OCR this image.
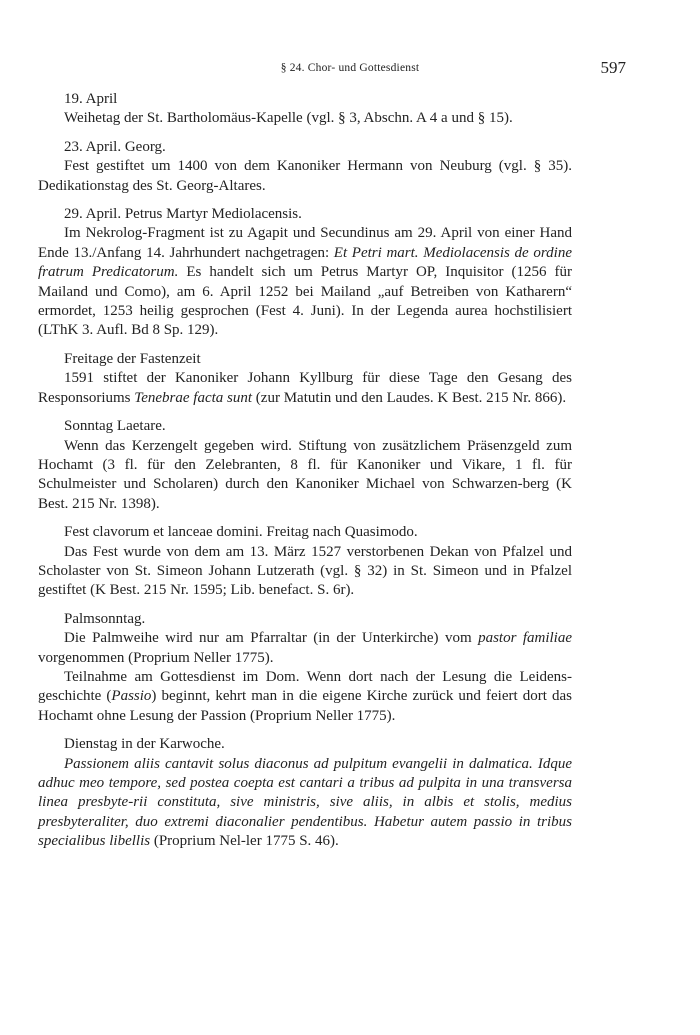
§ 24. Chor- und Gottesdienst	597

19. April

Weihetag der St. Bartholomäus-Kapelle (vgl. § 3, Abschn. A 4 a und § 15).

23. April. Georg.

Fest gestiftet um 1400 von dem Kanoniker Hermann von Neuburg (vgl. § 35). Dedikationstag des St. Georg-Altares.

29. April. Petrus Martyr Mediolacensis.

Im Nekrolog-Fragment ist zu Agapit und Secundinus am 29. April von einer Hand Ende 13./Anfang 14. Jahrhundert nachgetragen: Et Petri mart. Mediolacensis de ordine fratrum Predicatorum. Es handelt sich um Petrus Martyr OP, Inquisitor (1256 für Mailand und Como), am 6. April 1252 bei Mailand „auf Betreiben von Katharern“ ermordet, 1253 heilig gesprochen (Fest 4. Juni). In der Legenda aurea hochstilisiert (LThK 3. Aufl. Bd 8 Sp. 129).

Freitage der Fastenzeit

1591 stiftet der Kanoniker Johann Kyllburg für diese Tage den Gesang des Responsoriums Tenebrae facta sunt (zur Matutin und den Laudes. K Best. 215 Nr. 866).

Sonntag Laetare.

Wenn das Kerzengelt gegeben wird. Stiftung von zusätzlichem Präsenzgeld zum Hochamt (3 fl. für den Zelebranten, 8 fl. für Kanoniker und Vikare, 1 fl. für Schulmeister und Scholaren) durch den Kanoniker Michael von Schwarzen-berg (K Best. 215 Nr. 1398).

Fest clavorum et lanceae domini. Freitag nach Quasimodo.

Das Fest wurde von dem am 13. März 1527 verstorbenen Dekan von Pfalzel und Scholaster von St. Simeon Johann Lutzerath (vgl. § 32) in St. Simeon und in Pfalzel gestiftet (K Best. 215 Nr. 1595; Lib. benefact. S. 6r).

Palmsonntag.

Die Palmweihe wird nur am Pfarraltar (in der Unterkirche) vom pastor familiae vorgenommen (Proprium Neller 1775).

Teilnahme am Gottesdienst im Dom. Wenn dort nach der Lesung die Leidens-geschichte (Passio) beginnt, kehrt man in die eigene Kirche zurück und feiert dort das Hochamt ohne Lesung der Passion (Proprium Neller 1775).

Dienstag in der Karwoche.

Passionem aliis cantavit solus diaconus ad pulpitum evangelii in dalmatica. Idque adhuc meo tempore, sed postea coepta est cantari a tribus ad pulpita in una transversa linea presbyte-rii constituta, sive ministris, sive aliis, in albis et stolis, medius presbyteraliter, duo extremi diaconalier pendentibus. Habetur autem passio in tribus specialibus libellis (Proprium Nel-ler 1775 S. 46).
